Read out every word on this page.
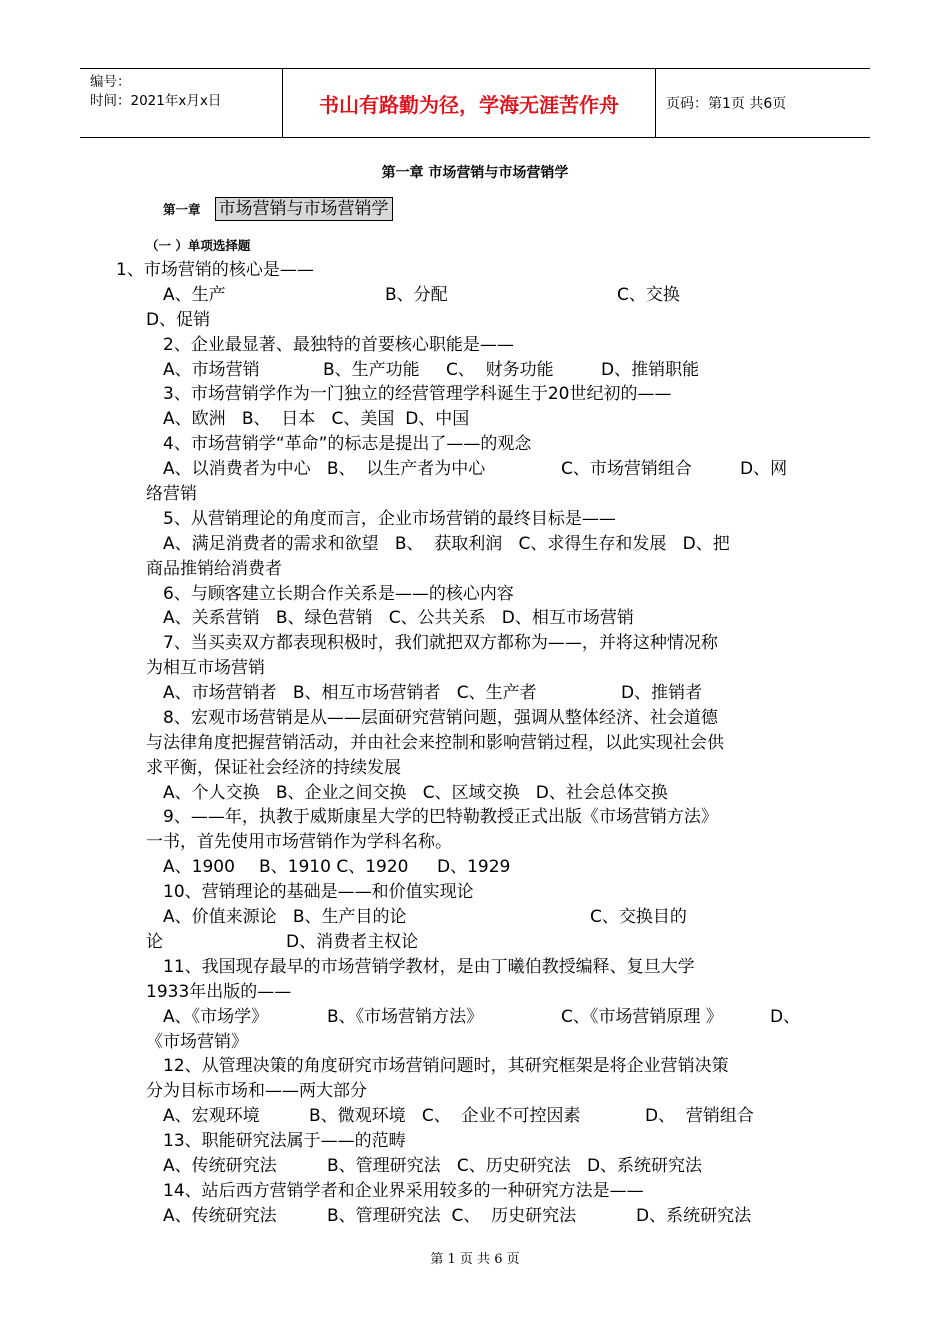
编号：
时间：2021年x月x日	书山有路勤为径，学海无涯苦作舟	页码：第1页 共6页
第一章 市场营销与市场营销学
第一章 市场营销与市场营销学
（一 ）单项选择题
1、市场营销的核心是——
A、生产	B、分配	C、交换
D、促销
2、企业最显著、最独特的首要核心职能是——
A、市场营销	B、生产功能 C、  财务功能	D、推销职能
3、市场营销学作为一门独立的经营管理学科诞生于20世纪初的——
A、欧洲   B、  日本   C、美国  D、中国
4、市场营销学“革命”的标志是提出了——的观念
A、以消费者为中心   B、  以生产者为中心	C、市场营销组合	D、网
络营销
5、从营销理论的角度而言，企业市场营销的最终目标是——
A、满足消费者的需求和欲望   B、  获取利润   C、求得生存和发展   D、把
商品推销给消费者
6、与顾客建立长期合作关系是——的核心内容
A、关系营销   B、绿色营销   C、公共关系   D、相互市场营销
7、当买卖双方都表现积极时，我们就把双方都称为——，并将这种情况称
为相互市场营销
A、市场营销者   B、相互市场营销者   C、生产者	D、推销者
8、宏观市场营销是从——层面研究营销问题，强调从整体经济、社会道德
与法律角度把握营销活动，并由社会来控制和影响营销过程，以此实现社会供
求平衡，保证社会经济的持续发展
A、个人交换   B、企业之间交换   C、区域交换   D、社会总体交换
9、——年，执教于威斯康星大学的巴特勒教授正式出版《市场营销方法》
一书，首先使用市场营销作为学科名称。
A、1900 B、1910 C、1920 D、1929
10、营销理论的基础是——和价值实现论
A、价值来源论   B、生产目的论	C、交换目的
论	D、消费者主权论
11、我国现存最早的市场营销学教材，是由丁曦伯教授编释、复旦大学
1933年出版的——
A、《市场学》	B、《市场营销方法》	C、《市场营销原理 》	D、
《市场营销》
12、从管理决策的角度研究市场营销问题时，其研究框架是将企业营销决策
分为目标市场和——两大部分
A、宏观环境	B、微观环境   C、  企业不可控因素	D、  营销组合
13、职能研究法属于——的范畴
A、传统研究法	B、管理研究法   C、历史研究法   D、系统研究法
14、站后西方营销学者和企业界采用较多的一种研究方法是——
A、传统研究法	B、管理研究法  C、  历史研究法	D、系统研究法
第 1 页 共 6 页
